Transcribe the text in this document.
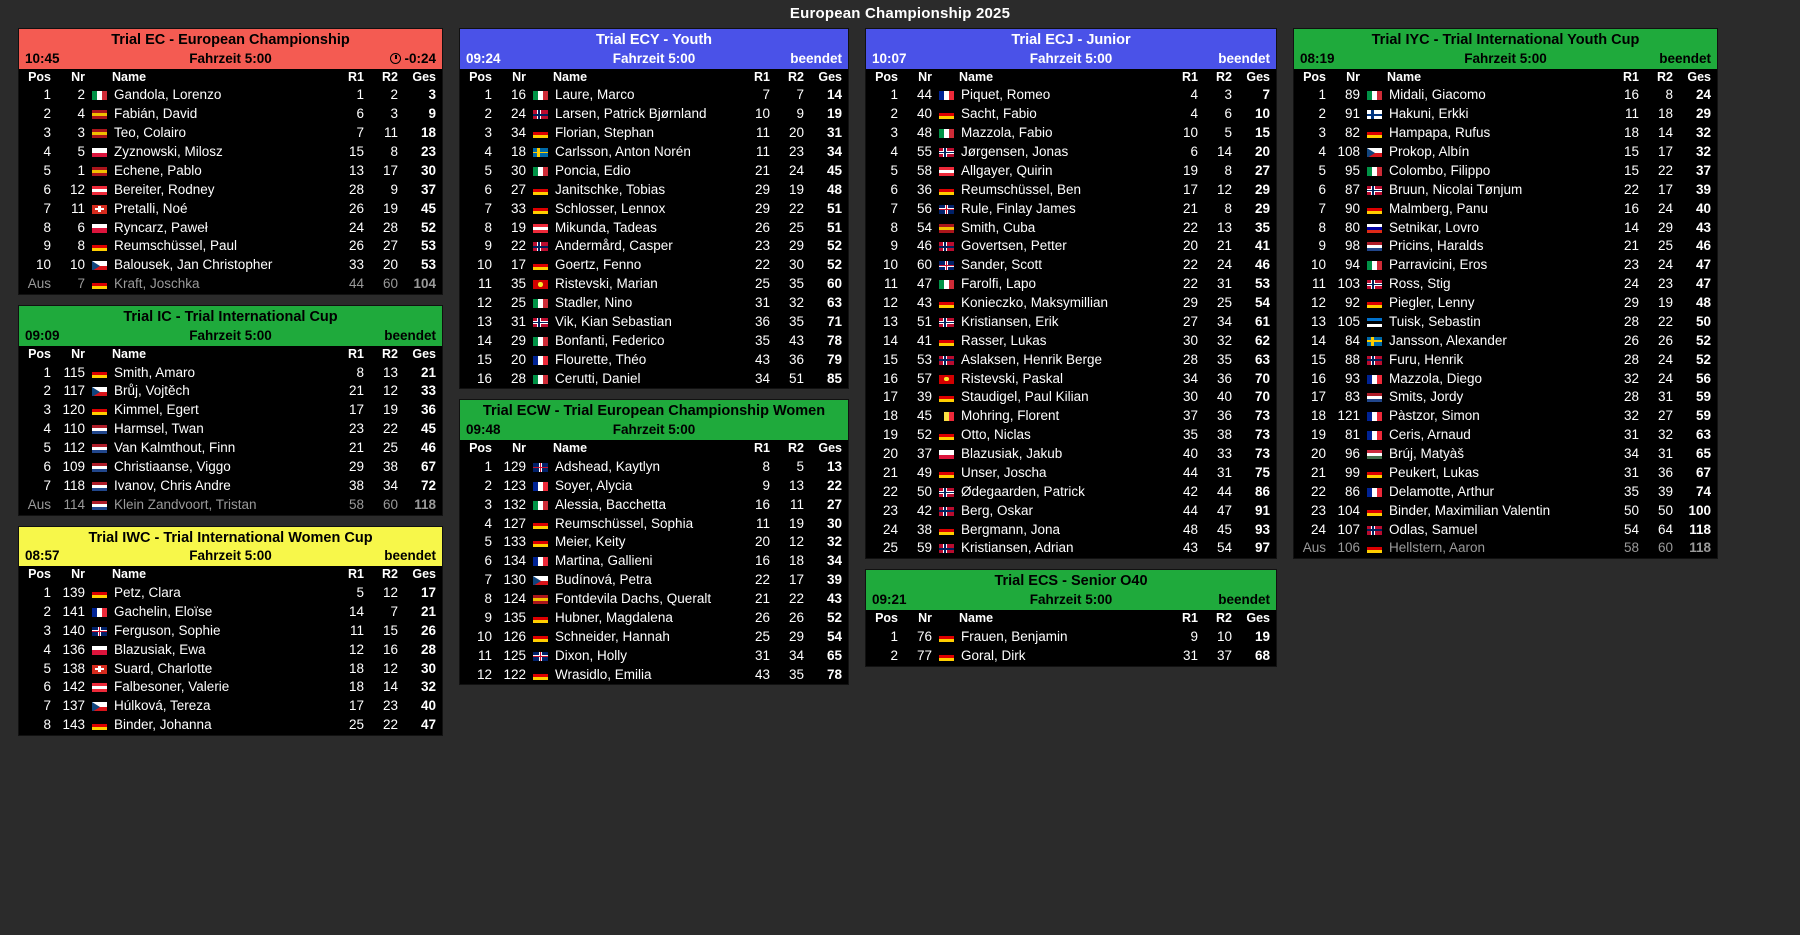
European Championship 2025
Trial EC - European Championship
10:45	Fahrzeit 5:00	-0:24
Pos	Nr		Name	R1	R2	Ges
1	2		Gandola, Lorenzo	1	2	3
2	4		Fabián, David	6	3	9
3	3		Teo, Colairo	7	11	18
4	5		Zyznowski, Milosz	15	8	23
5	1		Echene, Pablo	13	17	30
6	12		Bereiter, Rodney	28	9	37
7	11		Pretalli, Noé	26	19	45
8	6		Ryncarz, Paweł	24	28	52
9	8		Reumschüssel, Paul	26	27	53
10	10		Balousek, Jan Christopher	33	20	53
Aus	7		Kraft, Joschka	44	60	104
Trial IC - Trial International Cup
09:09	Fahrzeit 5:00	beendet
Pos	Nr		Name	R1	R2	Ges
1	115		Smith, Amaro	8	13	21
2	117		Brůj, Vojtěch	21	12	33
3	120		Kimmel, Egert	17	19	36
4	110		Harmsel, Twan	23	22	45
5	112		Van Kalmthout, Finn	21	25	46
6	109		Christiaanse, Viggo	29	38	67
7	118		Ivanov, Chris Andre	38	34	72
Aus	114		Klein Zandvoort, Tristan	58	60	118
Trial IWC - Trial International Women Cup
08:57	Fahrzeit 5:00	beendet
Pos	Nr		Name	R1	R2	Ges
1	139		Petz, Clara	5	12	17
2	141		Gachelin, Eloïse	14	7	21
3	140		Ferguson, Sophie	11	15	26
4	136		Blazusiak, Ewa	12	16	28
5	138		Suard, Charlotte	18	12	30
6	142		Falbesoner, Valerie	18	14	32
7	137		Húlková, Tereza	17	23	40
8	143		Binder, Johanna	25	22	47
Trial ECY - Youth
09:24	Fahrzeit 5:00	beendet
Pos	Nr		Name	R1	R2	Ges
1	16		Laure, Marco	7	7	14
2	24		Larsen, Patrick Bjørnland	10	9	19
3	34		Florian, Stephan	11	20	31
4	18		Carlsson, Anton Norén	11	23	34
5	30		Poncia, Edio	21	24	45
6	27		Janitschke, Tobias	29	19	48
7	33		Schlosser, Lennox	29	22	51
8	19		Mikunda, Tadeas	26	25	51
9	22		Andermård, Casper	23	29	52
10	17		Goertz, Fenno	22	30	52
11	35		Ristevski, Marian	25	35	60
12	25		Stadler, Nino	31	32	63
13	31		Vik, Kian Sebastian	36	35	71
14	29		Bonfanti, Federico	35	43	78
15	20		Flourette, Théo	43	36	79
16	28		Cerutti, Daniel	34	51	85
Trial ECW - Trial European Championship Women
09:48	Fahrzeit 5:00
Pos	Nr		Name	R1	R2	Ges
1	129		Adshead, Kaytlyn	8	5	13
2	123		Soyer, Alycia	9	13	22
3	132		Alessia, Bacchetta	16	11	27
4	127		Reumschüssel, Sophia	11	19	30
5	133		Meier, Keity	20	12	32
6	134		Martina, Gallieni	16	18	34
7	130		Budínová, Petra	22	17	39
8	124		Fontdevila Dachs, Queralt	21	22	43
9	135		Hubner, Magdalena	26	26	52
10	126		Schneider, Hannah	25	29	54
11	125		Dixon, Holly	31	34	65
12	122		Wrasidlo, Emilia	43	35	78
Trial ECJ - Junior
10:07	Fahrzeit 5:00	beendet
Pos	Nr		Name	R1	R2	Ges
1	44		Piquet, Romeo	4	3	7
2	40		Sacht, Fabio	4	6	10
3	48		Mazzola, Fabio	10	5	15
4	55		Jørgensen, Jonas	6	14	20
5	58		Allgayer, Quirin	19	8	27
6	36		Reumschüssel, Ben	17	12	29
7	56		Rule, Finlay James	21	8	29
8	54		Smith, Cuba	22	13	35
9	46		Govertsen, Petter	20	21	41
10	60		Sander, Scott	22	24	46
11	47		Farolfi, Lapo	22	31	53
12	43		Konieczko, Maksymillian	29	25	54
13	51		Kristiansen, Erik	27	34	61
14	41		Rasser, Lukas	30	32	62
15	53		Aslaksen, Henrik Berge	28	35	63
16	57		Ristevski, Paskal	34	36	70
17	39		Staudigel, Paul Kilian	30	40	70
18	45		Mohring, Florent	37	36	73
19	52		Otto, Niclas	35	38	73
20	37		Blazusiak, Jakub	40	33	73
21	49		Unser, Joscha	44	31	75
22	50		Ødegaarden, Patrick	42	44	86
23	42		Berg, Oskar	44	47	91
24	38		Bergmann, Jona	48	45	93
25	59		Kristiansen, Adrian	43	54	97
Trial ECS - Senior O40
09:21	Fahrzeit 5:00	beendet
Pos	Nr		Name	R1	R2	Ges
1	76		Frauen, Benjamin	9	10	19
2	77		Goral, Dirk	31	37	68
Trial IYC - Trial International Youth Cup
08:19	Fahrzeit 5:00	beendet
Pos	Nr		Name	R1	R2	Ges
1	89		Midali, Giacomo	16	8	24
2	91		Hakuni, Erkki	11	18	29
3	82		Hampapa, Rufus	18	14	32
4	108		Prokop, Albín	15	17	32
5	95		Colombo, Filippo	15	22	37
6	87		Bruun, Nicolai Tønjum	22	17	39
7	90		Malmberg, Panu	16	24	40
8	80		Setnikar, Lovro	14	29	43
9	98		Pricins, Haralds	21	25	46
10	94		Parravicini, Eros	23	24	47
11	103		Ross, Stig	24	23	47
12	92		Piegler, Lenny	29	19	48
13	105		Tuisk, Sebastin	28	22	50
14	84		Jansson, Alexander	26	26	52
15	88		Furu, Henrik	28	24	52
16	93		Mazzola, Diego	32	24	56
17	83		Smits, Jordy	28	31	59
18	121		Pàstzor, Simon	32	27	59
19	81		Ceris, Arnaud	31	32	63
20	96		Brúj, Matyàš	34	31	65
21	99		Peukert, Lukas	31	36	67
22	86		Delamotte, Arthur	35	39	74
23	104		Binder, Maximilian Valentin	50	50	100
24	107		Odlas, Samuel	54	64	118
Aus	106		Hellstern, Aaron	58	60	118
